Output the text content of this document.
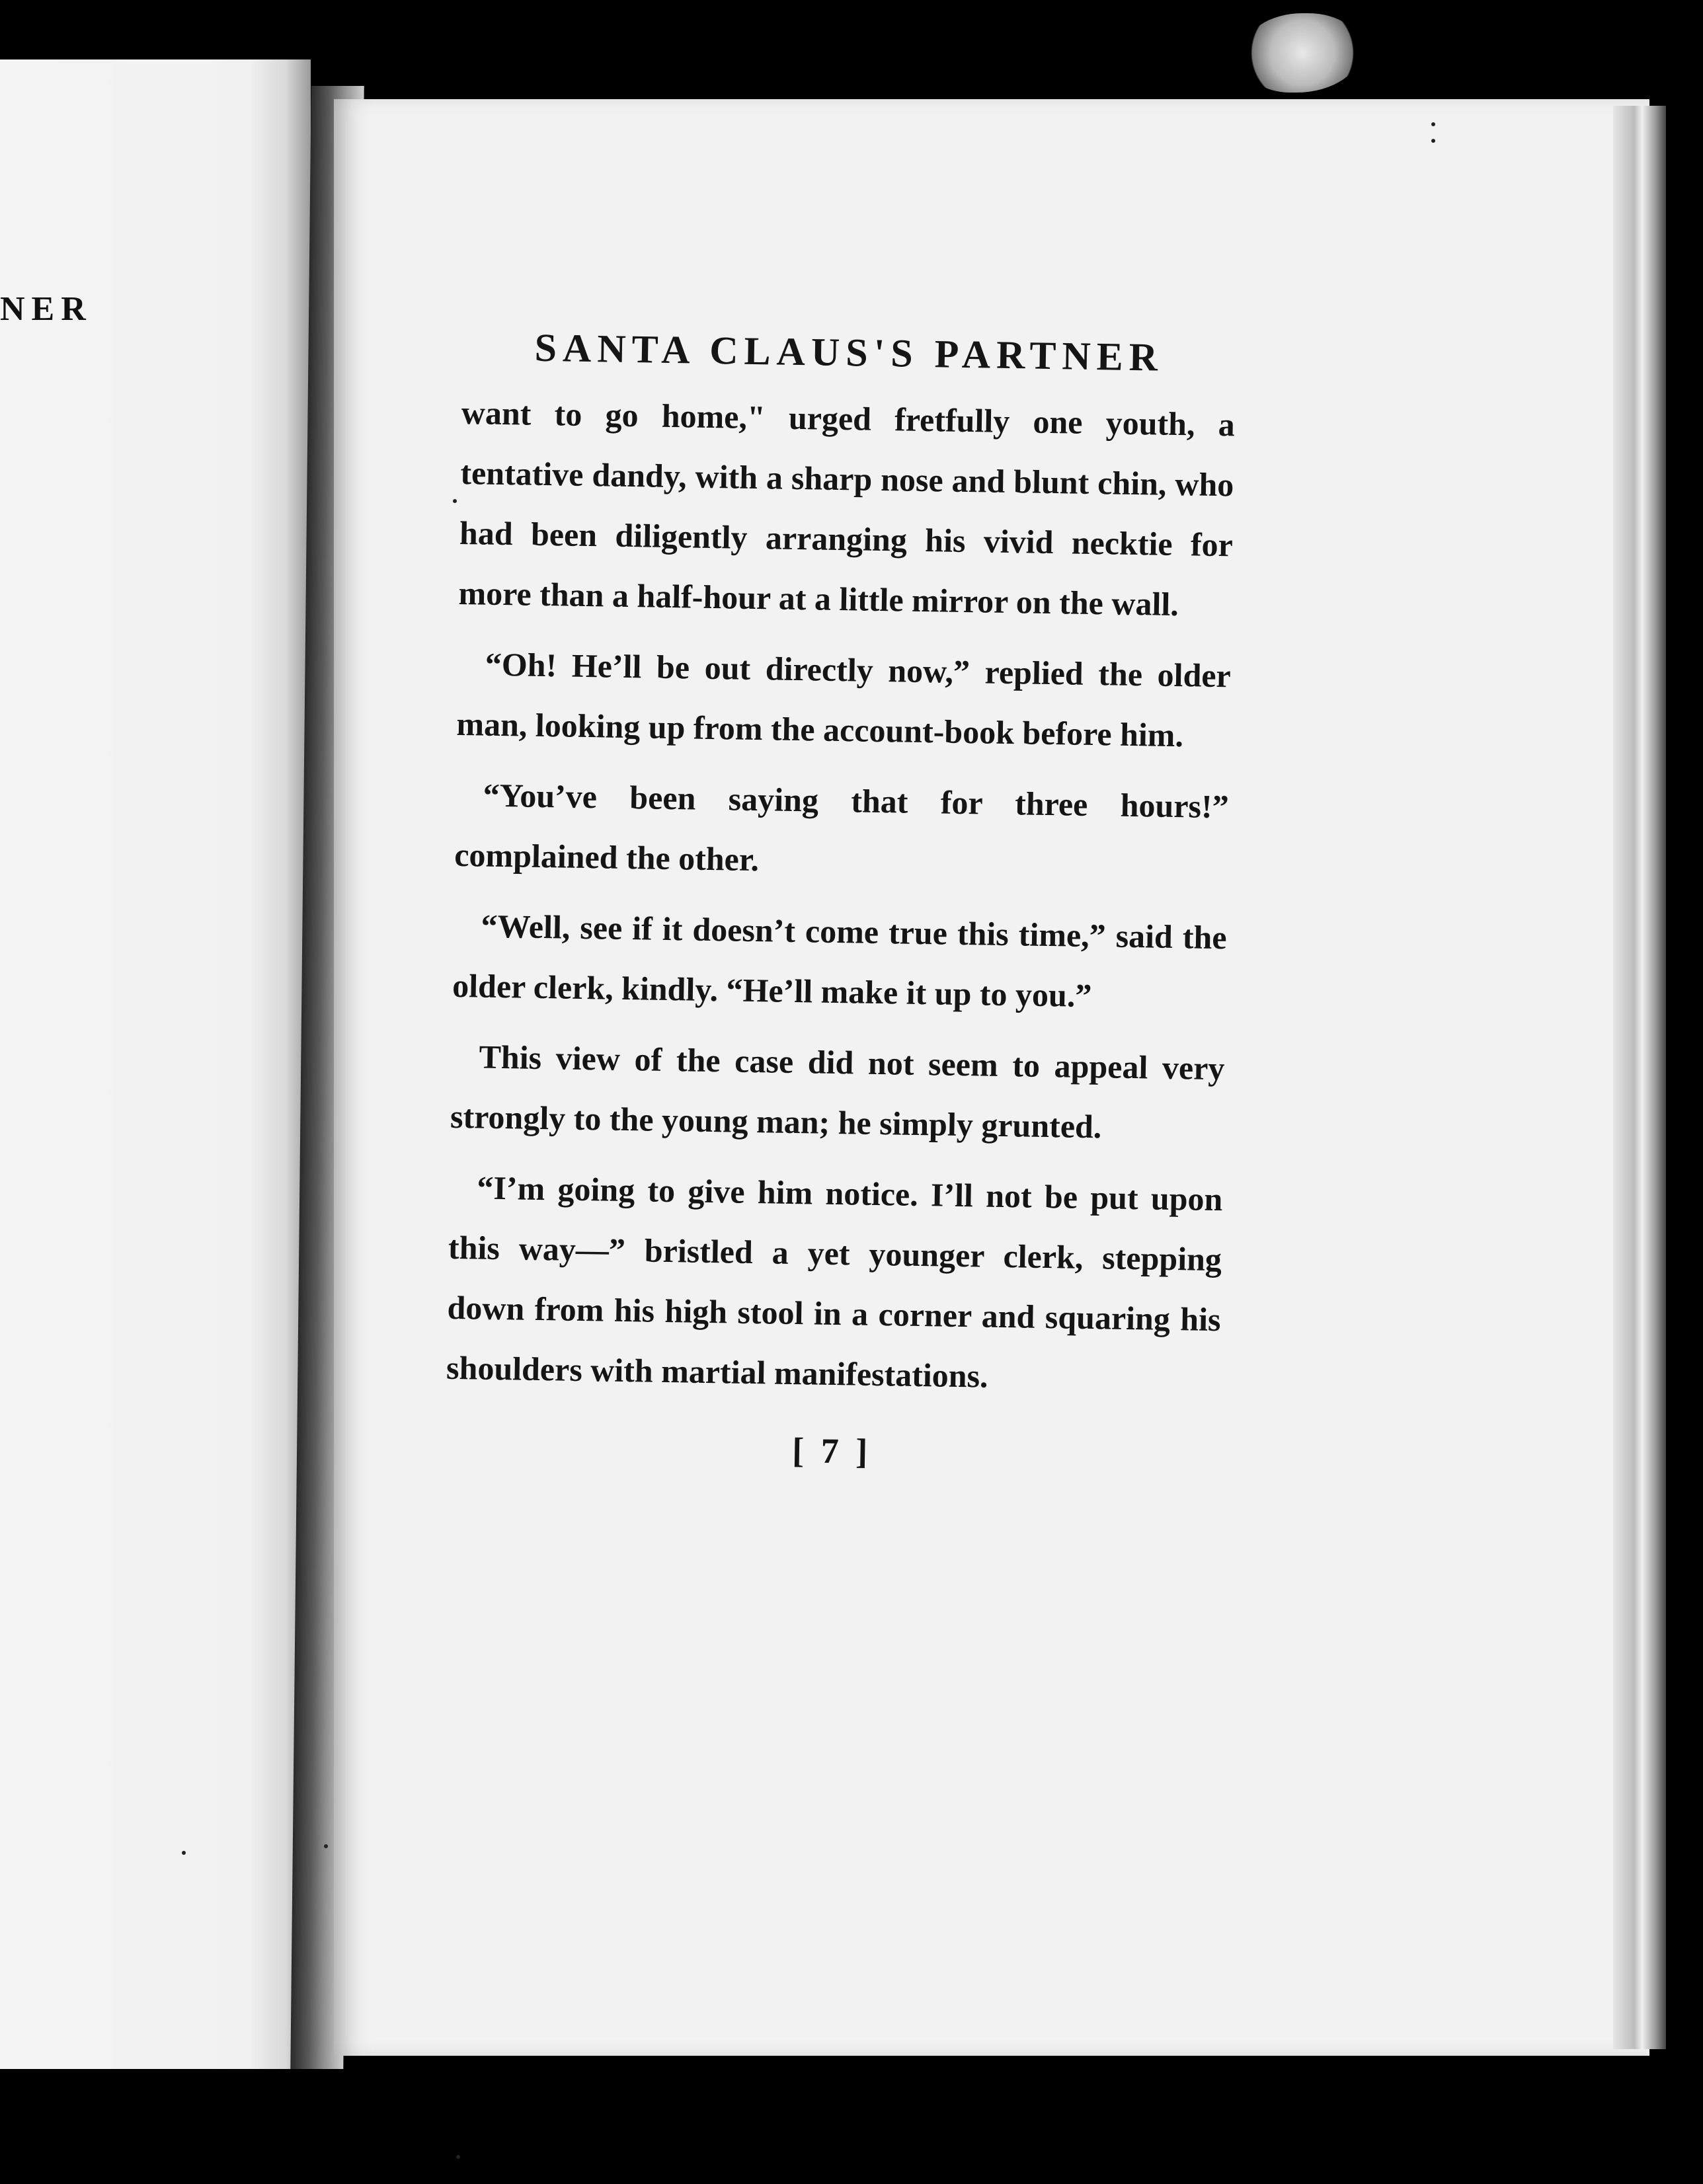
NER
SANTA CLAUS'S PARTNER

want to go home," urged fretfully one youth, a tentative dandy, with a sharp nose and blunt chin, who had been diligently arranging his vivid necktie for more than a half-hour at a little mirror on the wall.

“Oh! He’ll be out directly now,” replied the older man, looking up from the account-book before him.

“You’ve been saying that for three hours!” complained the other.

“Well, see if it doesn’t come true this time,” said the older clerk, kindly. “He’ll make it up to you.”

This view of the case did not seem to appeal very strongly to the young man; he simply grunted.

“I’m going to give him notice. I’ll not be put upon this way—” bristled a yet younger clerk, stepping down from his high stool in a corner and squaring his shoulders with martial manifestations.

[ 7 ]
